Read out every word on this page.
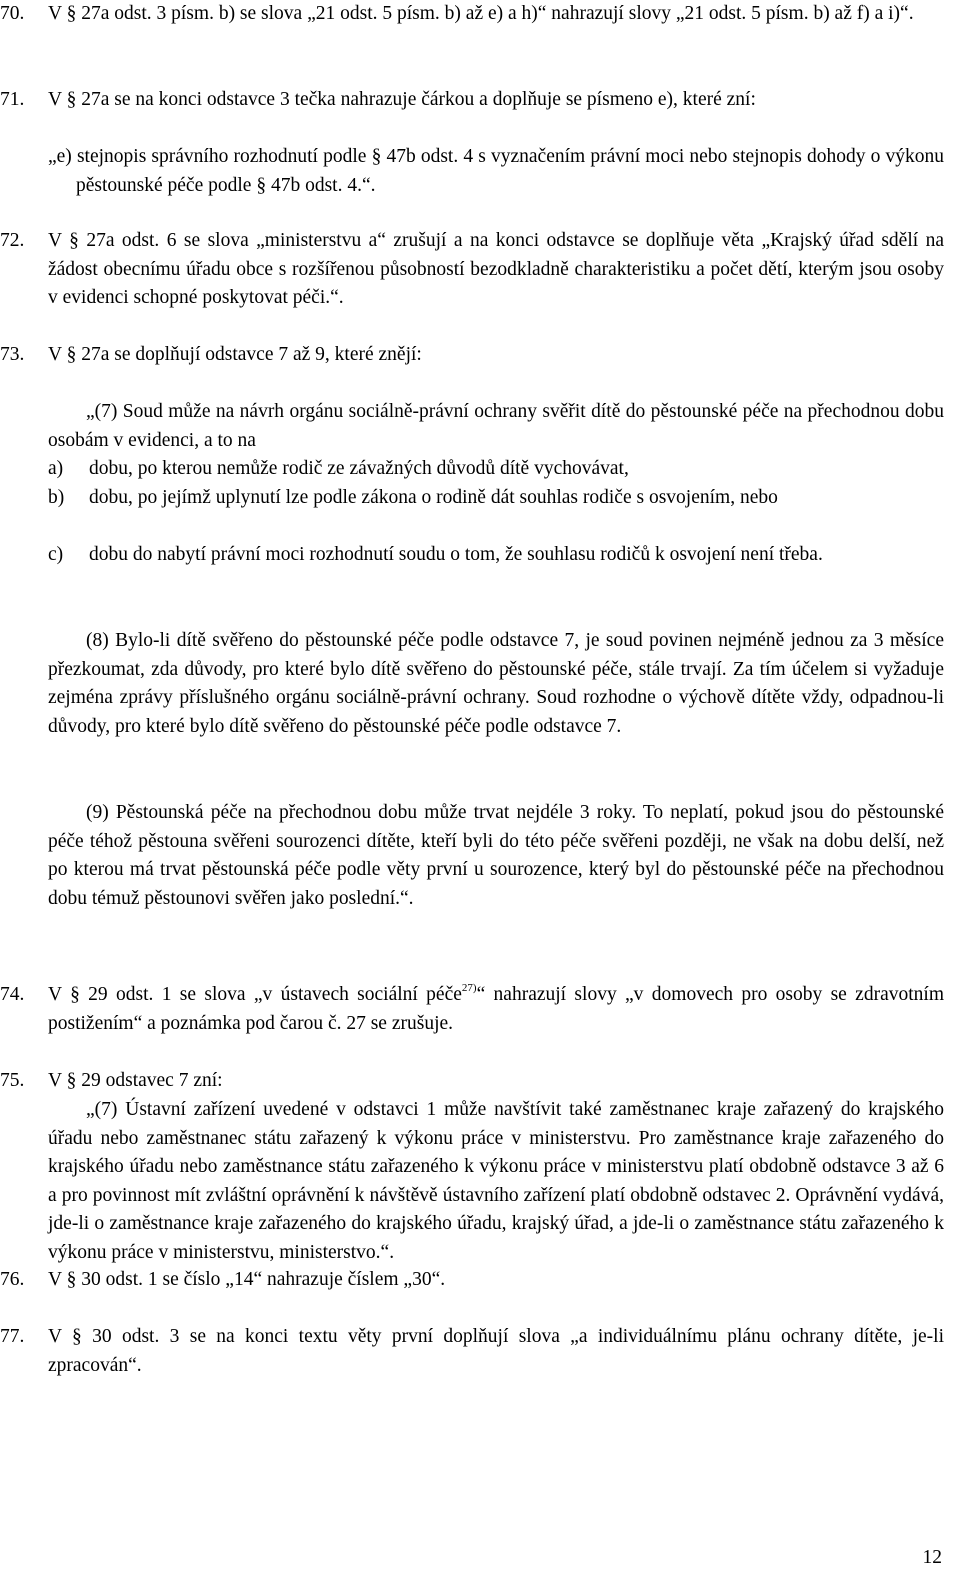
70. V § 27a odst. 3 písm. b) se slova „21 odst. 5 písm. b) až e) a h)“ nahrazují slovy „21 odst. 5 písm. b) až f) a i)“.
71. V § 27a se na konci odstavce 3 tečka nahrazuje čárkou a doplňuje se písmeno e), které zní:
„e) stejnopis správního rozhodnutí podle § 47b odst. 4 s vyznačením právní moci nebo stejnopis dohody o výkonu pěstounské péče podle § 47b odst. 4.“.
72. V § 27a odst. 6 se slova „ministerstvu a“ zrušují a na konci odstavce se doplňuje věta „Krajský úřad sdělí na žádost obecnímu úřadu obce s rozšířenou působností bezodkladně charakteristiku a počet dětí, kterým jsou osoby v evidenci schopné poskytovat péči.“.
73. V § 27a se doplňují odstavce 7 až 9, které znějí:
„(7) Soud může na návrh orgánu sociálně-právní ochrany svěřit dítě do pěstounské péče na přechodnou dobu osobám v evidenci, a to na
a) dobu, po kterou nemůže rodič ze závažných důvodů dítě vychovávat,
b) dobu, po jejímž uplynutí lze podle zákona o rodině dát souhlas rodiče s osvojením, nebo
c) dobu do nabytí právní moci rozhodnutí soudu o tom, že souhlasu rodičů k osvojení není třeba.
(8) Bylo-li dítě svěřeno do pěstounské péče podle odstavce 7, je soud povinen nejméně jednou za 3 měsíce přezkoumat, zda důvody, pro které bylo dítě svěřeno do pěstounské péče, stále trvají. Za tím účelem si vyžaduje zejména zprávy příslušného orgánu sociálně-právní ochrany. Soud rozhodne o výchově dítěte vždy, odpadnou-li důvody, pro které bylo dítě svěřeno do pěstounské péče podle odstavce 7.
(9) Pěstounská péče na přechodnou dobu může trvat nejdéle 3 roky. To neplatí, pokud jsou do pěstounské péče téhož pěstouna svěřeni sourozenci dítěte, kteří byli do této péče svěřeni později, ne však na dobu delší, než po kterou má trvat pěstounská péče podle věty první u sourozence, který byl do pěstounské péče na přechodnou dobu témuž pěstounovi svěřen jako poslední.“.
74. V § 29 odst. 1 se slova „v ústavech sociální péče$^{27)}$“ nahrazují slovy „v domovech pro osoby se zdravotním postižením“ a poznámka pod čarou č. 27 se zrušuje.
75. V § 29 odstavec 7 zní:
„(7) Ústavní zařízení uvedené v odstavci 1 může navštívit také zaměstnanec kraje zařazený do krajského úřadu nebo zaměstnanec státu zařazený k výkonu práce v ministerstvu. Pro zaměstnance kraje zařazeného do krajského úřadu nebo zaměstnance státu zařazeného k výkonu práce v ministerstvu platí obdobně odstavce 3 až 6 a pro povinnost mít zvláštní oprávnění k návštěvě ústavního zařízení platí obdobně odstavec 2. Oprávnění vydává, jde-li o zaměstnance kraje zařazeného do krajského úřadu, krajský úřad, a jde-li o zaměstnance státu zařazeného k výkonu práce v ministerstvu, ministerstvo.“.
76. V § 30 odst. 1 se číslo „14“ nahrazuje číslem „30“.
77. V § 30 odst. 3 se na konci textu věty první doplňují slova „a individuálnímu plánu ochrany dítěte, je-li zpracován“.
12
